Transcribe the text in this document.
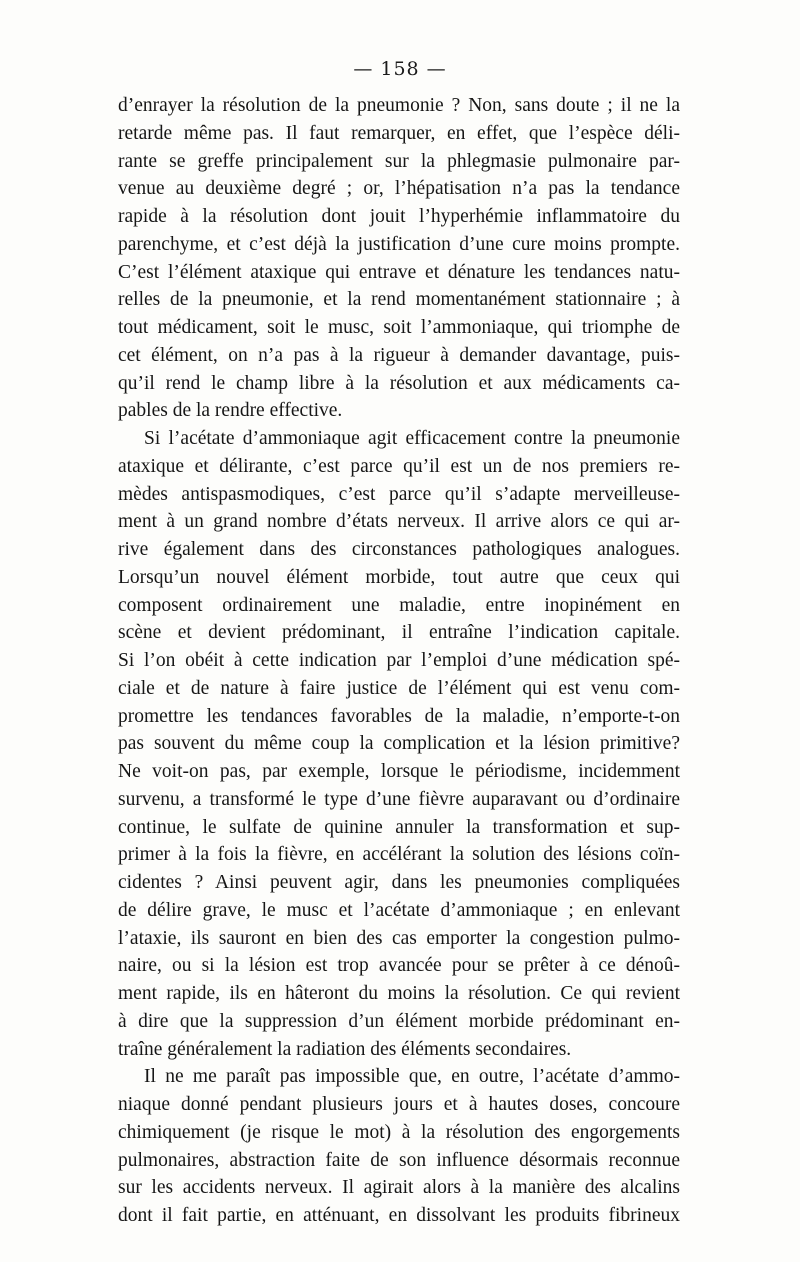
— 158 —
d’enrayer la résolution de la pneumonie ? Non, sans doute ; il ne la
retarde même pas. Il faut remarquer, en effet, que l’espèce déli-
rante se greffe principalement sur la phlegmasie pulmonaire par-
venue au deuxième degré ; or, l’hépatisation n’a pas la tendance
rapide à la résolution dont jouit l’hyperhémie inflammatoire du
parenchyme, et c’est déjà la justification d’une cure moins prompte.
C’est l’élément ataxique qui entrave et dénature les tendances natu-
relles de la pneumonie, et la rend momentanément stationnaire ; à
tout médicament, soit le musc, soit l’ammoniaque, qui triomphe de
cet élément, on n’a pas à la rigueur à demander davantage, puis-
qu’il rend le champ libre à la résolution et aux médicaments ca-
pables de la rendre effective.
Si l’acétate d’ammoniaque agit efficacement contre la pneumonie
ataxique et délirante, c’est parce qu’il est un de nos premiers re-
mèdes antispasmodiques, c’est parce qu’il s’adapte merveilleuse-
ment à un grand nombre d’états nerveux. Il arrive alors ce qui ar-
rive également dans des circonstances pathologiques analogues.
Lorsqu’un nouvel élément morbide, tout autre que ceux qui
composent ordinairement une maladie, entre inopinément en
scène et devient prédominant, il entraîne l’indication capitale.
Si l’on obéit à cette indication par l’emploi d’une médication spé-
ciale et de nature à faire justice de l’élément qui est venu com-
promettre les tendances favorables de la maladie, n’emporte-t-on
pas souvent du même coup la complication et la lésion primitive?
Ne voit-on pas, par exemple, lorsque le périodisme, incidemment
survenu, a transformé le type d’une fièvre auparavant ou d’ordinaire
continue, le sulfate de quinine annuler la transformation et sup-
primer à la fois la fièvre, en accélérant la solution des lésions coïn-
cidentes ? Ainsi peuvent agir, dans les pneumonies compliquées
de délire grave, le musc et l’acétate d’ammoniaque ; en enlevant
l’ataxie, ils sauront en bien des cas emporter la congestion pulmo-
naire, ou si la lésion est trop avancée pour se prêter à ce dénoû-
ment rapide, ils en hâteront du moins la résolution. Ce qui revient
à dire que la suppression d’un élément morbide prédominant en-
traîne généralement la radiation des éléments secondaires.
Il ne me paraît pas impossible que, en outre, l’acétate d’ammo-
niaque donné pendant plusieurs jours et à hautes doses, concoure
chimiquement (je risque le mot) à la résolution des engorgements
pulmonaires, abstraction faite de son influence désormais reconnue
sur les accidents nerveux. Il agirait alors à la manière des alcalins
dont il fait partie, en atténuant, en dissolvant les produits fibrineux
